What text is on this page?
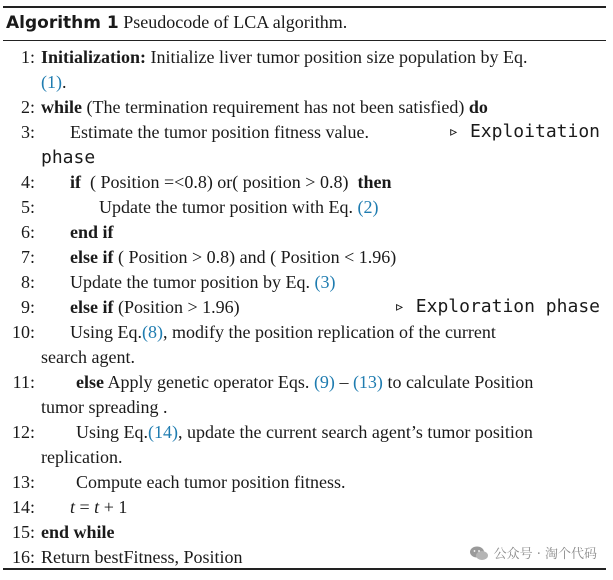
Algorithm 1 Pseudocode of LCA algorithm.
1: Initialization: Initialize liver tumor position size population by Eq.
(1).
2: while (The termination requirement has not been satisfied) do
3:	Estimate the tumor position fitness value.	▹ Exploitation

phase
4:	if  ( Position =<0.8) or( position > 0.8)  then
5:	Update the tumor position with Eq. (2)
6:	end if
7:	else if ( Position > 0.8) and ( Position < 1.96)
8:	Update the tumor position by Eq. (3)
9:	else if (Position > 1.96)	▹ Exploration phase
10:	Using Eq.(8), modify the position replication of the current
search agent.
11:	else Apply genetic operator Eqs. (9) – (13) to calculate Position
tumor spreading .
12:	Using Eq.(14), update the current search agent’s tumor position
replication.
13:	Compute each tumor position fitness.
14:	t = t + 1
15: end while
16: Return bestFitness, Position	公众号 · 淘个代码
